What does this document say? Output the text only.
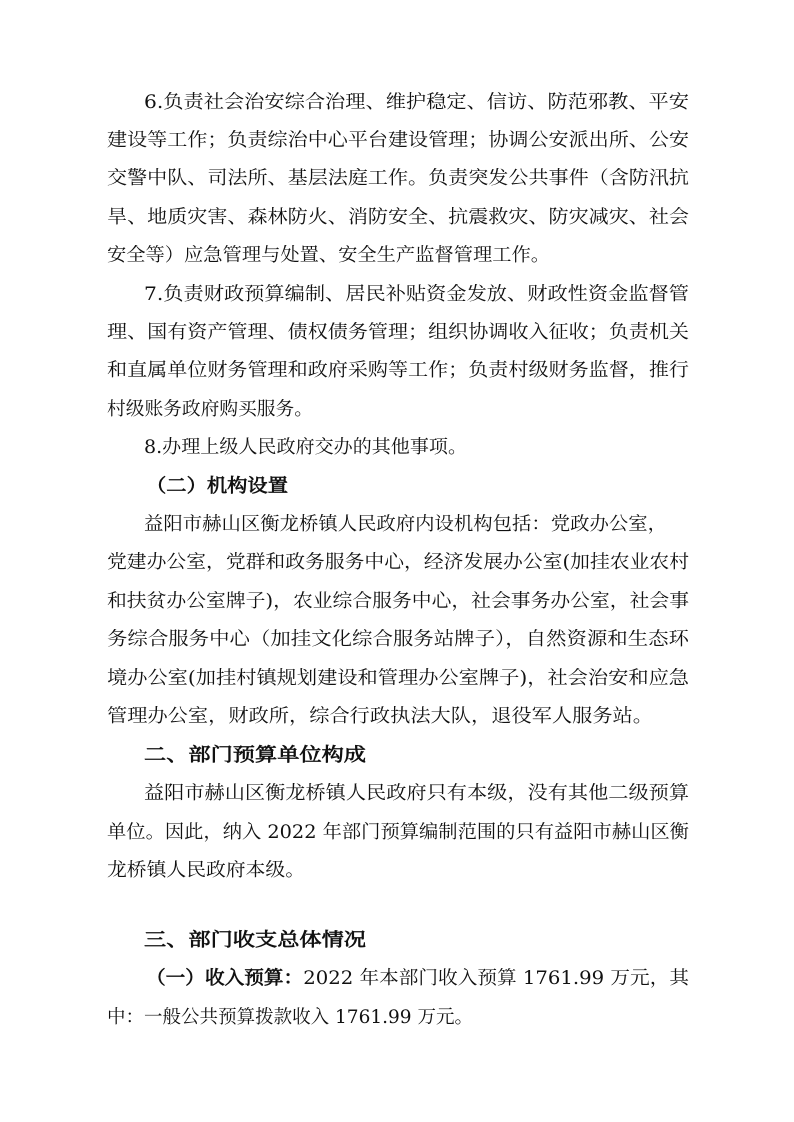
6.负责社会治安综合治理、维护稳定、信访、防范邪教、平安
建设等工作；负责综治中心平台建设管理；协调公安派出所、公安
交警中队、司法所、基层法庭工作。负责突发公共事件（含防汛抗
旱、地质灾害、森林防火、消防安全、抗震救灾、防灾减灾、社会
安全等）应急管理与处置、安全生产监督管理工作。
7.负责财政预算编制、居民补贴资金发放、财政性资金监督管
理、国有资产管理、债权债务管理；组织协调收入征收；负责机关
和直属单位财务管理和政府采购等工作；负责村级财务监督，推行
村级账务政府购买服务。
8.办理上级人民政府交办的其他事项。
（二）机构设置
益阳市赫山区衡龙桥镇人民政府内设机构包括：党政办公室，
党建办公室，党群和政务服务中心，经济发展办公室(加挂农业农村
和扶贫办公室牌子)，农业综合服务中心，社会事务办公室，社会事
务综合服务中心（加挂文化综合服务站牌子），自然资源和生态环
境办公室(加挂村镇规划建设和管理办公室牌子)，社会治安和应急
管理办公室，财政所，综合行政执法大队，退役军人服务站。
二、部门预算单位构成
益阳市赫山区衡龙桥镇人民政府只有本级，没有其他二级预算
单位。因此，纳入 2022 年部门预算编制范围的只有益阳市赫山区衡
龙桥镇人民政府本级。
三、部门收支总体情况
（一）收入预算：2022 年本部门收入预算 1761.99 万元，其
中：一般公共预算拨款收入 1761.99 万元。
